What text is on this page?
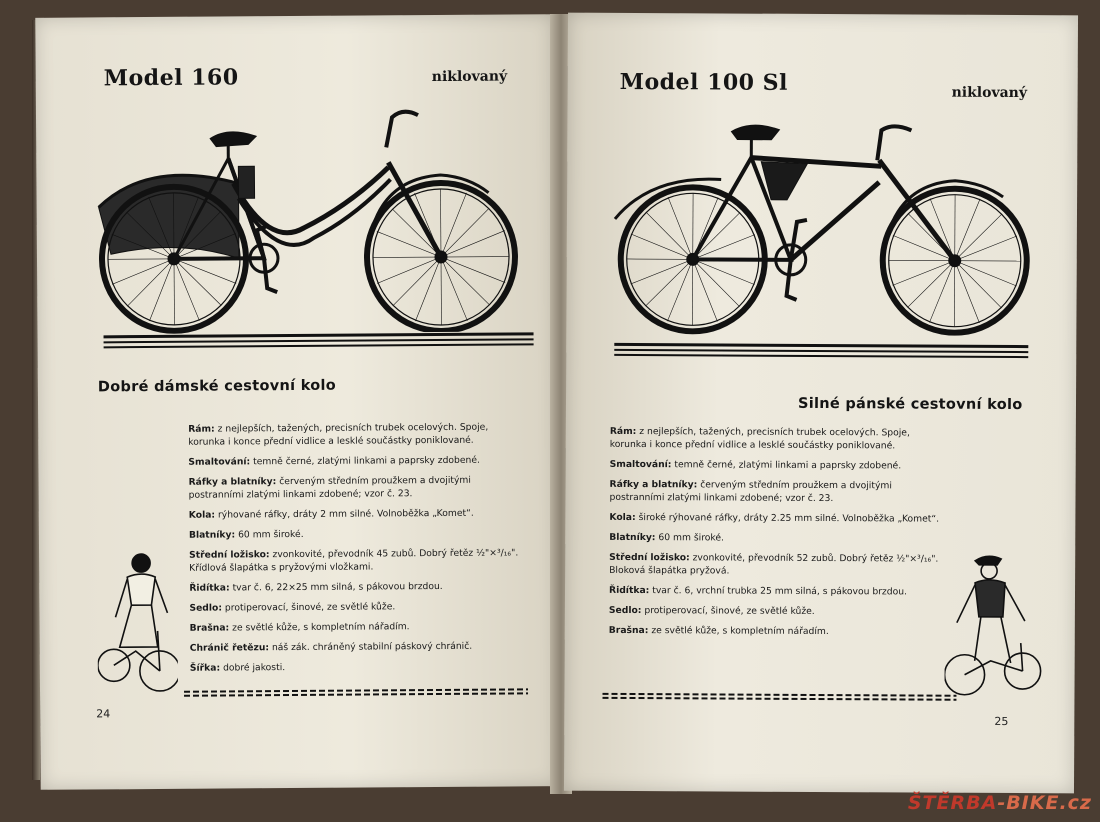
Model 160	niklovaný
Dobré dámské cestovní kolo
Rám: z nejlepších, tažených, precisních trubek ocelových. Spoje, korunka i konce přední vidlice a lesklé součástky poniklované.
Smaltování: temně černé, zlatými linkami a paprsky zdobené.
Ráfky a blatníky: červeným středním proužkem a dvojitými postranními zlatými linkami zdobené; vzor č. 23.
Kola: rýhované ráfky, dráty 2 mm silné. Volnoběžka „Komet“.
Blatníky: 60 mm široké.
Střední ložisko: zvonkovité, převodník 45 zubů. Dobrý řetěz ½"×³/₁₆". Křídlová šlapátka s pryžovými vložkami.
Řidítka: tvar č. 6, 22×25 mm silná, s pákovou brzdou.
Sedlo: protiperovací, šinové, ze světlé kůže.
Brašna: ze světlé kůže, s kompletním nářadím.
Chránič řetězu: náš zák. chráněný stabilní páskový chránič.
Šířka: dobré jakosti.
24
Model 100 Sl	niklovaný
Silné pánské cestovní kolo
Rám: z nejlepších, tažených, precisních trubek ocelových. Spoje, korunka i konce přední vidlice a lesklé součástky poniklované.
Smaltování: temně černé, zlatými linkami a paprsky zdobené.
Ráfky a blatníky: červeným středním proužkem a dvojitými postranními zlatými linkami zdobené; vzor č. 23.
Kola: široké rýhované ráfky, dráty 2.25 mm silné. Volnoběžka „Komet“.
Blatníky: 60 mm široké.
Střední ložisko: zvonkovité, převodník 52 zubů. Dobrý řetěz ½"×³/₁₆". Bloková šlapátka pryžová.
Řidítka: tvar č. 6, vrchní trubka 25 mm silná, s pákovou brzdou.
Sedlo: protiperovací, šinové, ze světlé kůže.
Brašna: ze světlé kůže, s kompletním nářadím.
25
ŠTĚRBA-BIKE.cz
